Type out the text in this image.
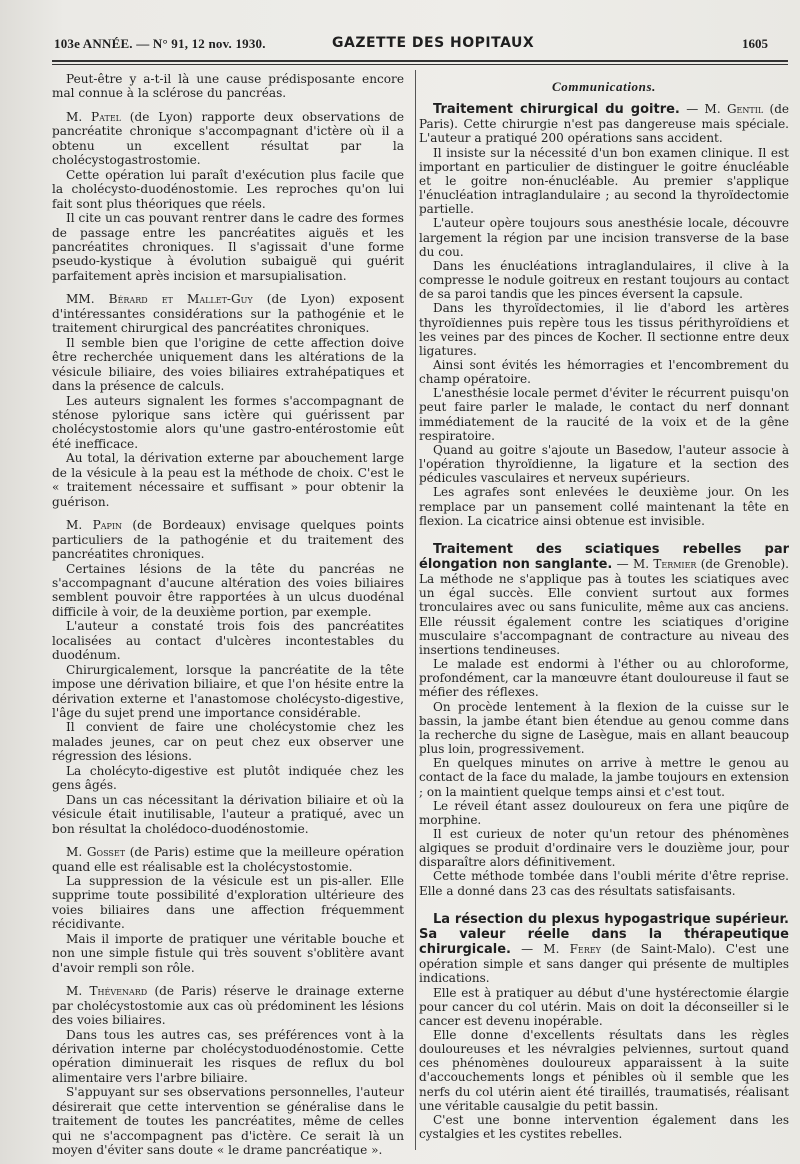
103e ANNÉE. — N° 91, 12 nov. 1930.	GAZETTE DES HOPITAUX	1605

Peut-être y a-t-il là une cause prédisposante encore mal connue à la sclérose du pancréas.

M. Patel (de Lyon) rapporte deux observations de pancréatite chronique s'accompagnant d'ictère où il a obtenu un excellent résultat par la cholécystogastrostomie.

Cette opération lui paraît d'exécution plus facile que la cholécysto-duodénostomie. Les reproches qu'on lui fait sont plus théoriques que réels.

Il cite un cas pouvant rentrer dans le cadre des formes de passage entre les pancréatites aiguës et les pancréatites chroniques. Il s'agissait d'une forme pseudo-kystique à évolution subaiguë qui guérit parfaitement après incision et marsupialisation.

MM. Bérard et Mallet-Guy (de Lyon) exposent d'intéressantes considérations sur la pathogénie et le traitement chirurgical des pancréatites chroniques.

Il semble bien que l'origine de cette affection doive être recherchée uniquement dans les altérations de la vésicule biliaire, des voies biliaires extrahépatiques et dans la présence de calculs.

Les auteurs signalent les formes s'accompagnant de sténose pylorique sans ictère qui guérissent par cholécystostomie alors qu'une gastro-entérostomie eût été inefficace.

Au total, la dérivation externe par abouchement large de la vésicule à la peau est la méthode de choix. C'est le « traitement nécessaire et suffisant » pour obtenir la guérison.

M. Papin (de Bordeaux) envisage quelques points particuliers de la pathogénie et du traitement des pancréatites chroniques.

Certaines lésions de la tête du pancréas ne s'accompagnant d'aucune altération des voies biliaires semblent pouvoir être rapportées à un ulcus duodénal difficile à voir, de la deuxième portion, par exemple.

L'auteur a constaté trois fois des pancréatites localisées au contact d'ulcères incontestables du duodénum.

Chirurgicalement, lorsque la pancréatite de la tête impose une dérivation biliaire, et que l'on hésite entre la dérivation externe et l'anastomose cholécysto-digestive, l'âge du sujet prend une importance considérable.

Il convient de faire une cholécystomie chez les malades jeunes, car on peut chez eux observer une régression des lésions.

La cholécyto-digestive est plutôt indiquée chez les gens âgés.

Dans un cas nécessitant la dérivation biliaire et où la vésicule était inutilisable, l'auteur a pratiqué, avec un bon résultat la cholédoco-duodénostomie.

M. Gosset (de Paris) estime que la meilleure opération quand elle est réalisable est la cholécystostomie.

La suppression de la vésicule est un pis-aller. Elle supprime toute possibilité d'exploration ultérieure des voies biliaires dans une affection fréquemment récidivante.

Mais il importe de pratiquer une véritable bouche et non une simple fistule qui très souvent s'oblitère avant d'avoir rempli son rôle.

M. Thévenard (de Paris) réserve le drainage externe par cholécystostomie aux cas où prédominent les lésions des voies biliaires.

Dans tous les autres cas, ses préférences vont à la dérivation interne par cholécystoduodénostomie. Cette opération diminuerait les risques de reflux du bol alimentaire vers l'arbre biliaire.

S'appuyant sur ses observations personnelles, l'auteur désirerait que cette intervention se généralise dans le traitement de toutes les pancréatites, même de celles qui ne s'accompagnent pas d'ictère. Ce serait là un moyen d'éviter sans doute « le drame pancréatique ».

Communications.

Traitement chirurgical du goitre. — M. Gentil (de Paris). Cette chirurgie n'est pas dangereuse mais spéciale. L'auteur a pratiqué 200 opérations sans accident.

Il insiste sur la nécessité d'un bon examen clinique. Il est important en particulier de distinguer le goitre énucléable et le goitre non-énucléable. Au premier s'applique l'énucléation intraglandulaire ; au second la thyroïdectomie partielle.

L'auteur opère toujours sous anesthésie locale, découvre largement la région par une incision transverse de la base du cou.

Dans les énucléations intraglandulaires, il clive à la compresse le nodule goitreux en restant toujours au contact de sa paroi tandis que les pinces éversent la capsule.

Dans les thyroïdectomies, il lie d'abord les artères thyroïdiennes puis repère tous les tissus périthyroïdiens et les veines par des pinces de Kocher. Il sectionne entre deux ligatures.

Ainsi sont évités les hémorragies et l'encombrement du champ opératoire.

L'anesthésie locale permet d'éviter le récurrent puisqu'on peut faire parler le malade, le contact du nerf donnant immédiatement de la raucité de la voix et de la gêne respiratoire.

Quand au goitre s'ajoute un Basedow, l'auteur associe à l'opération thyroïdienne, la ligature et la section des pédicules vasculaires et nerveux supérieurs.

Les agrafes sont enlevées le deuxième jour. On les remplace par un pansement collé maintenant la tête en flexion. La cicatrice ainsi obtenue est invisible.

Traitement des sciatiques rebelles par élongation non sanglante. — M. Termier (de Grenoble). La méthode ne s'applique pas à toutes les sciatiques avec un égal succès. Elle convient surtout aux formes tronculaires avec ou sans funiculite, même aux cas anciens. Elle réussit également contre les sciatiques d'origine musculaire s'accompagnant de contracture au niveau des insertions tendineuses.

Le malade est endormi à l'éther ou au chloroforme, profondément, car la manœuvre étant douloureuse il faut se méfier des réflexes.

On procède lentement à la flexion de la cuisse sur le bassin, la jambe étant bien étendue au genou comme dans la recherche du signe de Lasègue, mais en allant beaucoup plus loin, progressivement.

En quelques minutes on arrive à mettre le genou au contact de la face du malade, la jambe toujours en extension ; on la maintient quelque temps ainsi et c'est tout.

Le réveil étant assez douloureux on fera une piqûre de morphine.

Il est curieux de noter qu'un retour des phénomènes algiques se produit d'ordinaire vers le douzième jour, pour disparaître alors définitivement.

Cette méthode tombée dans l'oubli mérite d'être reprise. Elle a donné dans 23 cas des résultats satisfaisants.

La résection du plexus hypogastrique supérieur. Sa valeur réelle dans la thérapeutique chirurgicale. — M. Ferey (de Saint-Malo). C'est une opération simple et sans danger qui présente de multiples indications.

Elle est à pratiquer au début d'une hystérectomie élargie pour cancer du col utérin. Mais on doit la déconseiller si le cancer est devenu inopérable.

Elle donne d'excellents résultats dans les règles douloureuses et les névralgies pelviennes, surtout quand ces phénomènes douloureux apparaissent à la suite d'accouchements longs et pénibles où il semble que les nerfs du col utérin aient été tiraillés, traumatisés, réalisant une véritable causalgie du petit bassin.

C'est une bonne intervention également dans les cystalgies et les cystites rebelles.
